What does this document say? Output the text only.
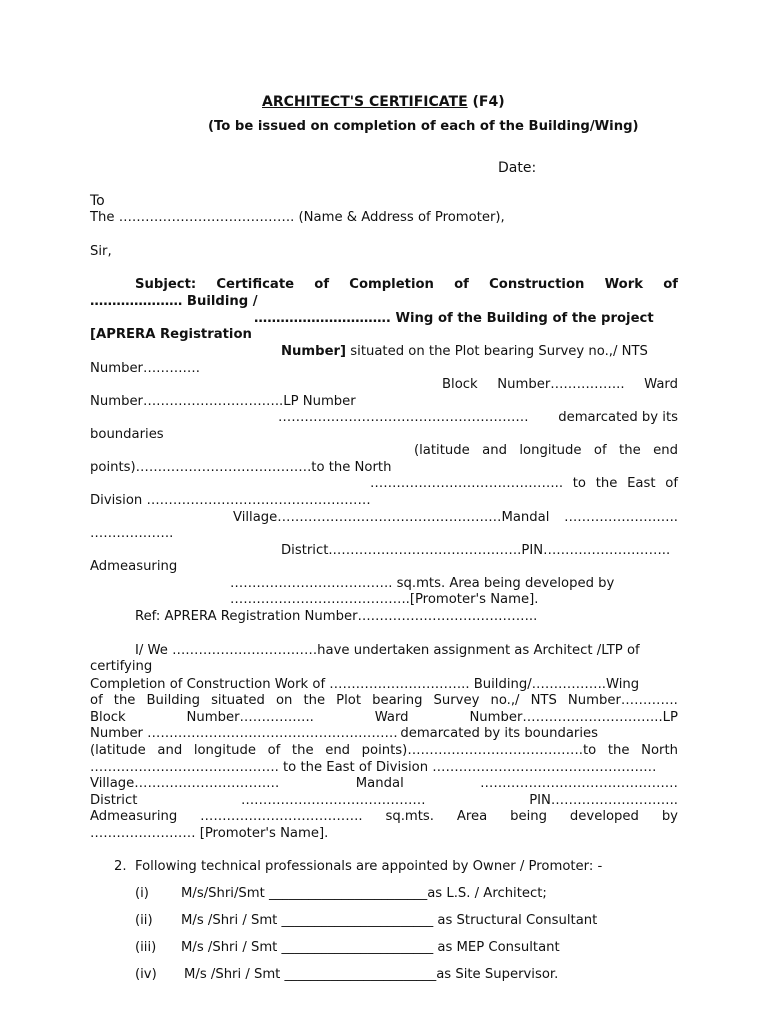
ARCHITECT'S CERTIFICATE (F4)
(To be issued on completion of each of the Building/Wing)
Date:
To
The …………………………………. (Name & Address of Promoter),
Sir,
Subject: Certificate of Completion of Construction Work of
………………… Building /
…………………………. Wing of the Building of the project
[APRERA Registration
Number] situated on the Plot bearing Survey no.,/ NTS
Number………….
Block Number…………….. Ward
Number…………………………..LP Number
………………………………………………… demarcated by its
boundaries
(latitude and longitude of the end
points)………………………………….to the North
…………………………………….. to the East of
Division ……………………………………………
Village……………………………………………Mandal ……………………..
……………….
District.…………………………………….PIN………………………..
Admeasuring
………………………………. sq.mts. Area being developed by
…………………………………..[Promoter's Name].
Ref: APRERA Registration Number…………………………………..
I/ We ……………………………have undertaken assignment as Architect /LTP of
certifying
Completion of Construction Work of ………………………….. Building/……………..Wing
of the Building situated on the Plot bearing Survey no.,/ NTS Number………….
Block	Number……………..	Ward	Number…………………………..LP
Number ………………………………………………… demarcated by its boundaries
(latitude and longitude of the end points)………………………………….to the North
……………………………………. to the East of Division ……………………………………………
Village……………………………	Mandal	………………………………………
District	……………………………………	PIN………………………..
Admeasuring ………………………………. sq.mts. Area being developed by
…………………… [Promoter's Name].
2. Following technical professionals are appointed by Owner / Promoter: -
(i) M/s/Shri/Smt ________________________as L.S. / Architect;
(ii) M/s /Shri / Smt _______________________ as Structural Consultant
(iii) M/s /Shri / Smt _______________________ as MEP Consultant
(iv) M/s /Shri / Smt _______________________as Site Supervisor.
